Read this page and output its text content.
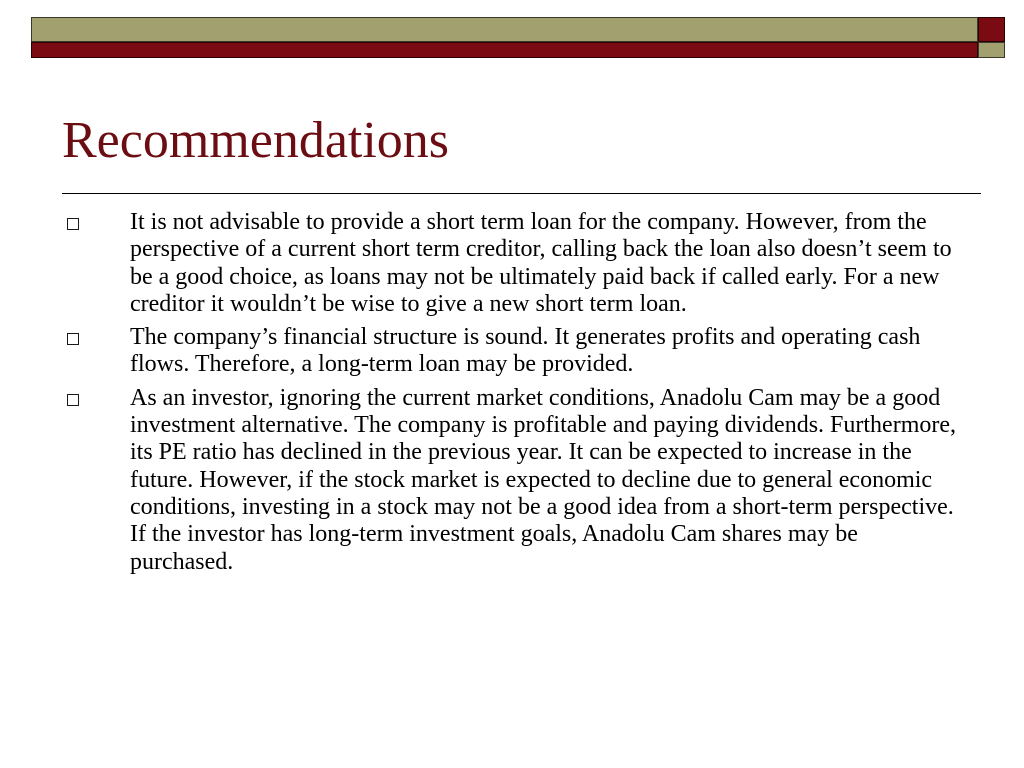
Recommendations
It is not advisable to provide a short term loan for the company. However, from the perspective of a current short term creditor, calling back the loan also doesn’t seem to be a good choice, as loans may not be ultimately paid back if called early. For a new creditor it wouldn’t be wise to give a new short term loan.
The company’s financial structure is sound. It generates profits and operating cash flows. Therefore, a long-term loan may be provided.
As an investor, ignoring the current market conditions, Anadolu Cam may be a good investment alternative. The company is profitable and paying dividends. Furthermore, its PE ratio has declined in the previous year. It can be expected to increase in the future. However, if the stock market is expected to decline due to general economic conditions, investing in a stock may not be a good idea from a short-term perspective. If the investor has long-term investment goals, Anadolu Cam shares may be purchased.
